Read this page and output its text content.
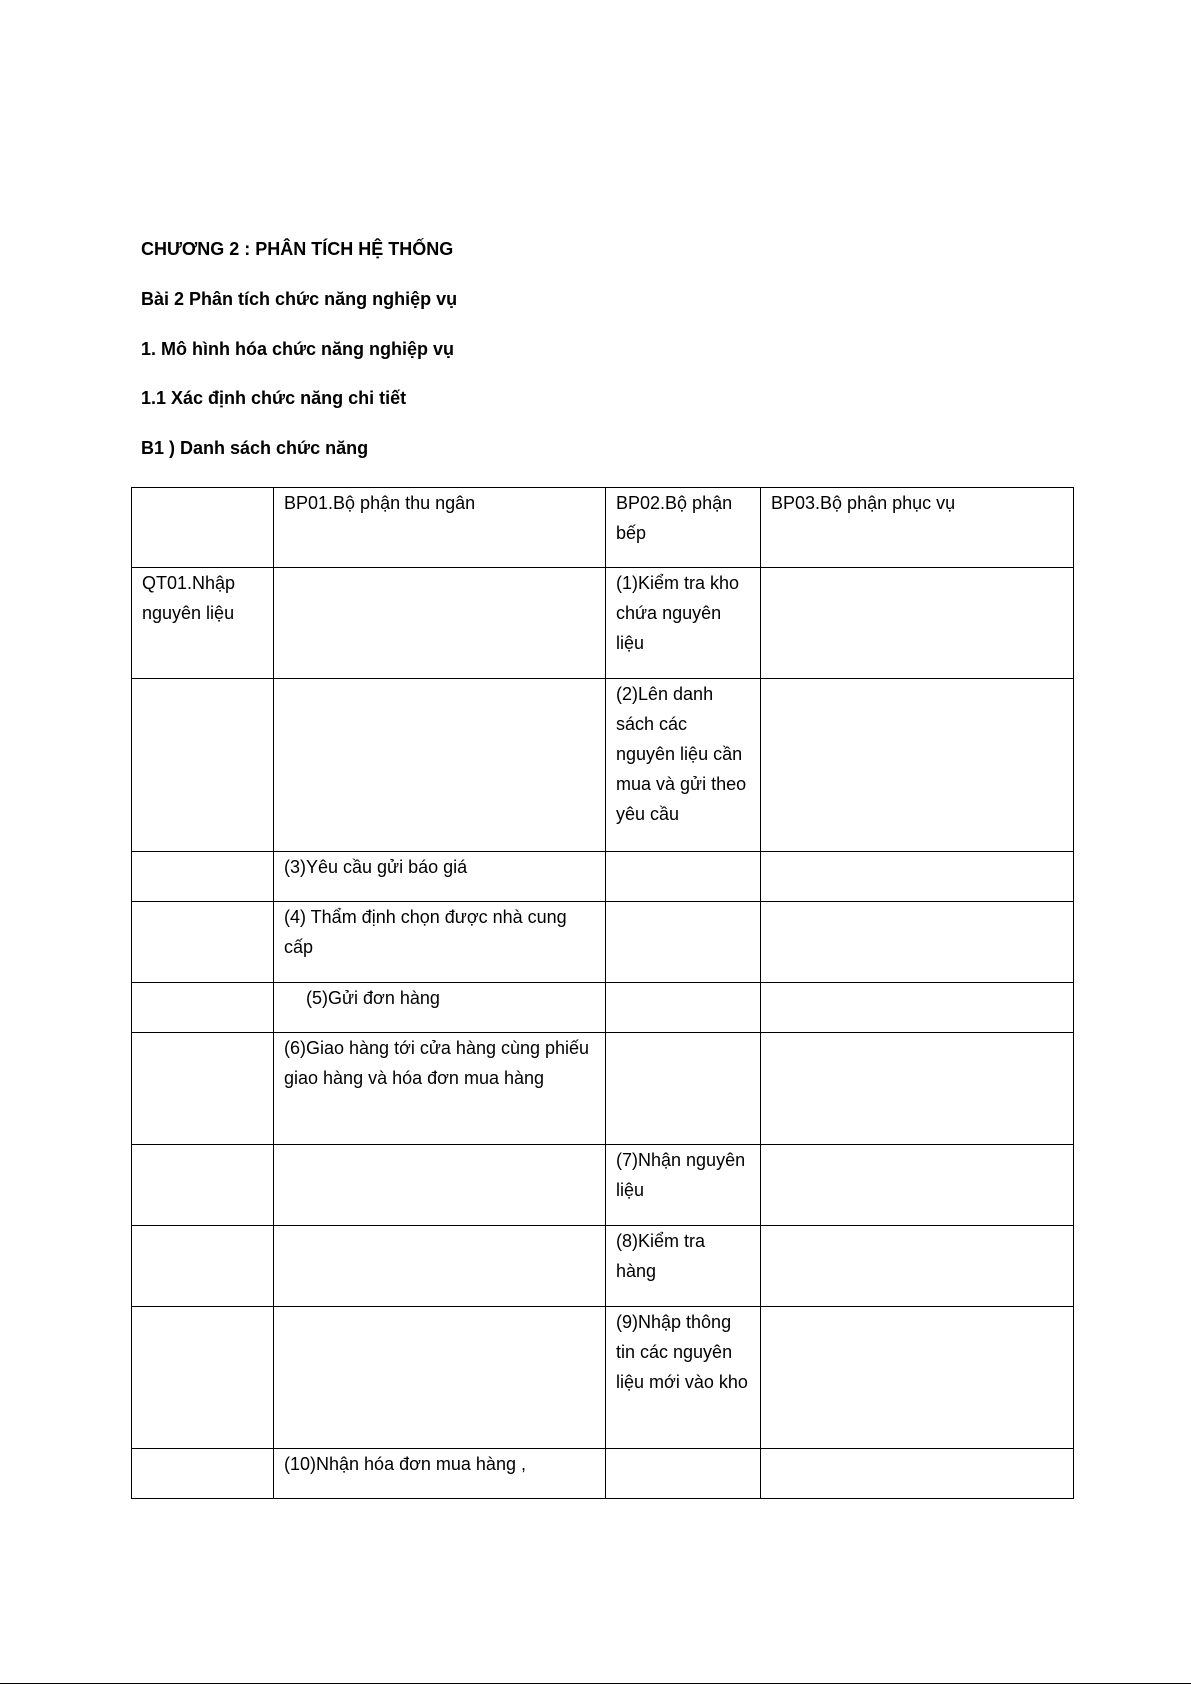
CHƯƠNG 2 : PHÂN TÍCH HỆ THỐNG
Bài 2 Phân tích chức năng nghiệp vụ
1. Mô hình hóa chức năng nghiệp vụ
1.1 Xác định chức năng chi tiết
B1 ) Danh sách chức năng
	BP01.Bộ phận thu ngân	BP02.Bộ phận bếp	BP03.Bộ phận phục vụ
QT01.Nhập nguyên liệu		(1)Kiểm tra kho chứa nguyên liệu	
		(2)Lên danh sách các nguyên liệu cần mua và gửi theo yêu cầu	
	(3)Yêu cầu gửi báo giá		
	(4) Thẩm định chọn được nhà cung cấp		
	(5)Gửi đơn hàng		
	(6)Giao hàng tới cửa hàng cùng phiếu giao hàng và hóa đơn mua hàng		
		(7)Nhận nguyên liệu	
		(8)Kiểm tra hàng	
		(9)Nhập thông tin các nguyên liệu mới vào kho	
	(10)Nhận hóa đơn mua hàng ,		
